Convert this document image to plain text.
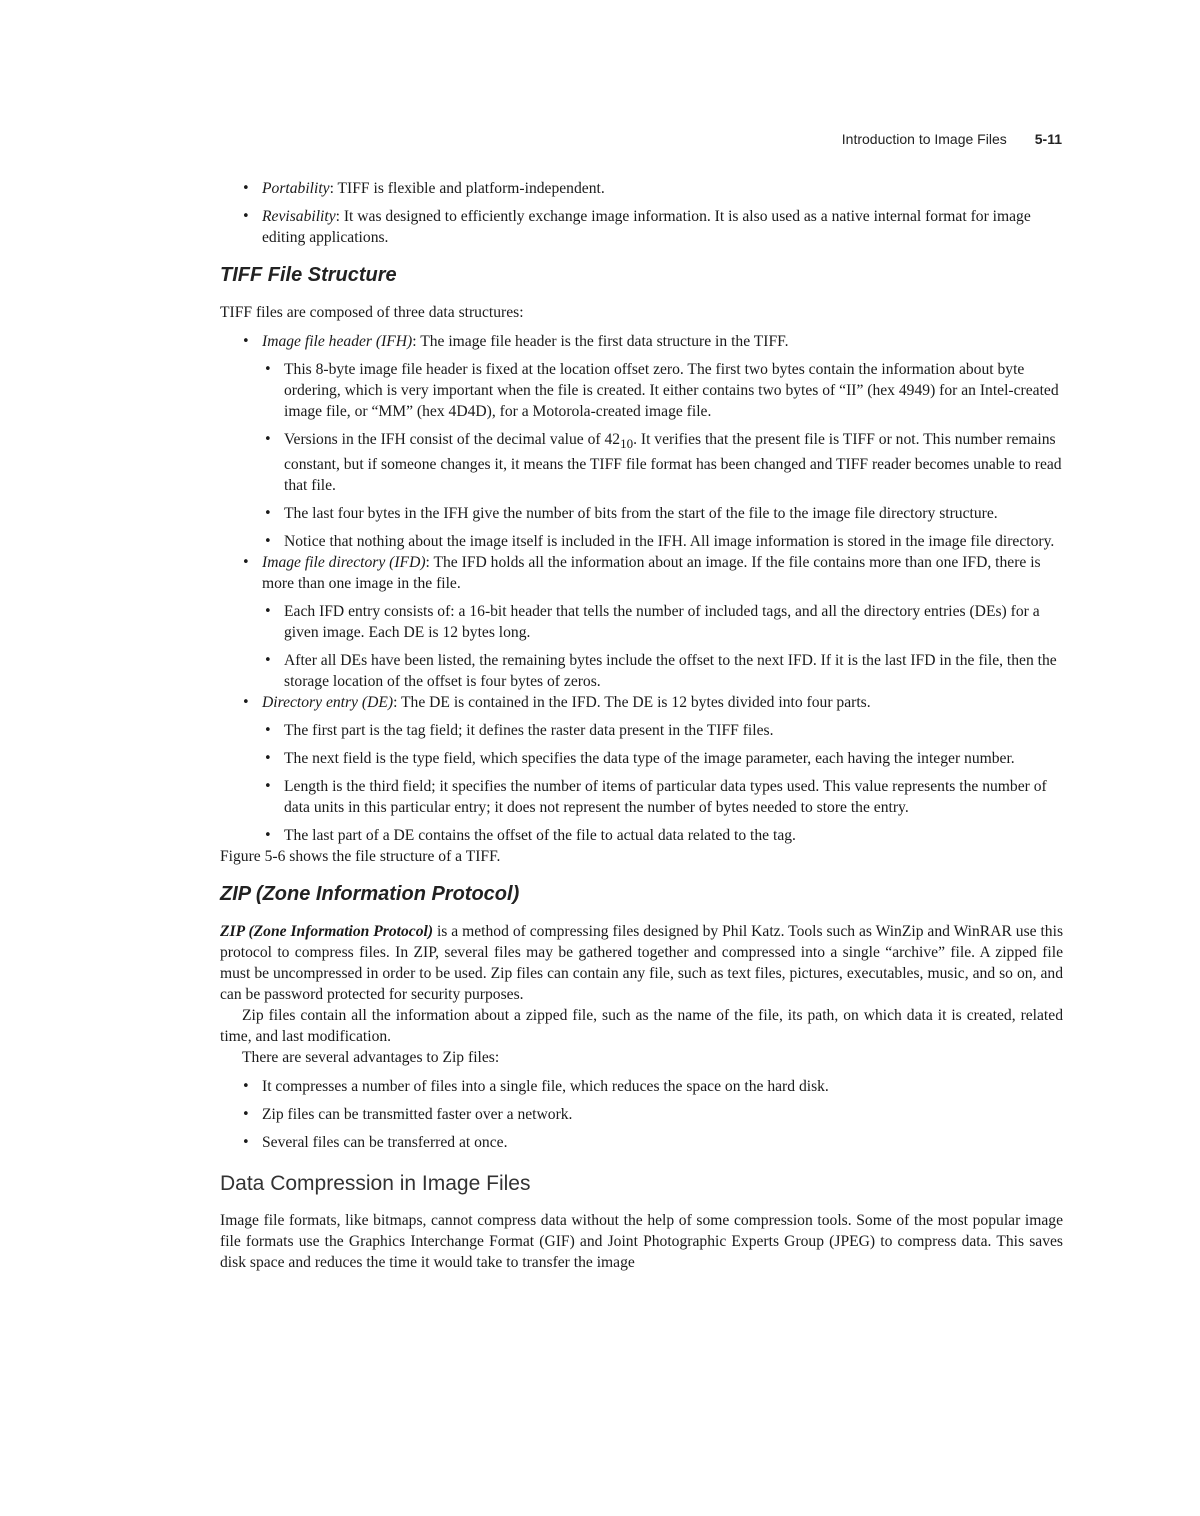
Introduction to Image Files 5-11
• Portability: TIFF is flexible and platform-independent.
• Revisability: It was designed to efficiently exchange image information. It is also used as a native internal format for image editing applications.
TIFF File Structure

TIFF files are composed of three data structures:

• Image file header (IFH): The image file header is the first data structure in the TIFF.
• This 8-byte image file header is fixed at the location offset zero. The first two bytes contain the information about byte ordering, which is very important when the file is created. It either contains two bytes of “II” (hex 4949) for an Intel-created image file, or “MM” (hex 4D4D), for a Motorola-created image file.
• Versions in the IFH consist of the decimal value of $42_{10}$. It verifies that the present file is TIFF or not. This number remains constant, but if someone changes it, it means the TIFF file format has been changed and TIFF reader becomes unable to read that file.
• The last four bytes in the IFH give the number of bits from the start of the file to the image file directory structure.
• Notice that nothing about the image itself is included in the IFH. All image information is stored in the image file directory.
• Image file directory (IFD): The IFD holds all the information about an image. If the file contains more than one IFD, there is more than one image in the file.
• Each IFD entry consists of: a 16-bit header that tells the number of included tags, and all the directory entries (DEs) for a given image. Each DE is 12 bytes long.
• After all DEs have been listed, the remaining bytes include the offset to the next IFD. If it is the last IFD in the file, then the storage location of the offset is four bytes of zeros.
• Directory entry (DE): The DE is contained in the IFD. The DE is 12 bytes divided into four parts.
• The first part is the tag field; it defines the raster data present in the TIFF files.
• The next field is the type field, which specifies the data type of the image parameter, each having the integer number.
• Length is the third field; it specifies the number of items of particular data types used. This value represents the number of data units in this particular entry; it does not represent the number of bytes needed to store the entry.
• The last part of a DE contains the offset of the file to actual data related to the tag.

Figure 5-6 shows the file structure of a TIFF.

ZIP (Zone Information Protocol)

ZIP (Zone Information Protocol) is a method of compressing files designed by Phil Katz. Tools such as WinZip and WinRAR use this protocol to compress files. In ZIP, several files may be gathered together and compressed into a single “archive” file. A zipped file must be uncompressed in order to be used. Zip files can contain any file, such as text files, pictures, executables, music, and so on, and can be password protected for security purposes.

Zip files contain all the information about a zipped file, such as the name of the file, its path, on which data it is created, related time, and last modification.

There are several advantages to Zip files:

• It compresses a number of files into a single file, which reduces the space on the hard disk.
• Zip files can be transmitted faster over a network.
• Several files can be transferred at once.
Data Compression in Image Files

Image file formats, like bitmaps, cannot compress data without the help of some compression tools. Some of the most popular image file formats use the Graphics Interchange Format (GIF) and Joint Photographic Experts Group (JPEG) to compress data. This saves disk space and reduces the time it would take to transfer the image
